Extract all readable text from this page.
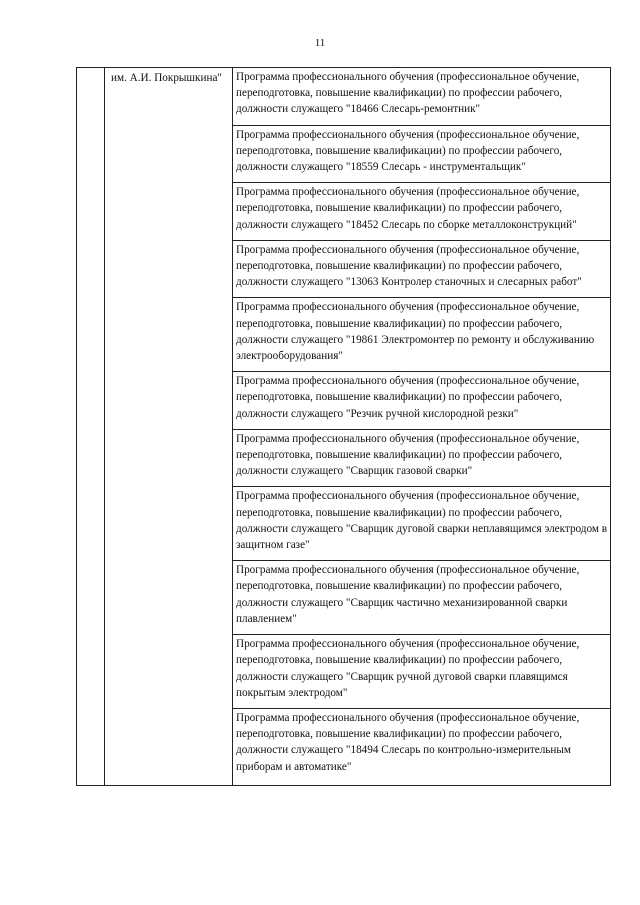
11

им. А.И. Покрышкина"	Программа профессионального обучения (профессиональное обучение, переподготовка, повышение квалификации) по профессии рабочего, должности служащего "18466 Слесарь-ремонтник"
Программа профессионального обучения (профессиональное обучение, переподготовка, повышение квалификации) по профессии рабочего, должности служащего "18559 Слесарь - инструментальщик"
Программа профессионального обучения (профессиональное обучение, переподготовка, повышение квалификации) по профессии рабочего, должности служащего "18452 Слесарь по сборке металлоконструкций"
Программа профессионального обучения (профессиональное обучение, переподготовка, повышение квалификации) по профессии рабочего, должности служащего "13063 Контролер станочных и слесарных работ"
Программа профессионального обучения (профессиональное обучение, переподготовка, повышение квалификации) по профессии рабочего, должности служащего "19861 Электромонтер по ремонту и обслуживанию электрооборудования"
Программа профессионального обучения (профессиональное обучение, переподготовка, повышение квалификации) по профессии рабочего, должности служащего "Резчик ручной кислородной резки"
Программа профессионального обучения (профессиональное обучение, переподготовка, повышение квалификации) по профессии рабочего, должности служащего "Сварщик газовой сварки"
Программа профессионального обучения (профессиональное обучение, переподготовка, повышение квалификации) по профессии рабочего, должности служащего "Сварщик дуговой сварки неплавящимся электродом в защитном газе"
Программа профессионального обучения (профессиональное обучение, переподготовка, повышение квалификации) по профессии рабочего, должности служащего "Сварщик частично механизированной сварки плавлением"
Программа профессионального обучения (профессиональное обучение, переподготовка, повышение квалификации) по профессии рабочего, должности служащего "Сварщик ручной дуговой сварки плавящимся покрытым электродом"
Программа профессионального обучения (профессиональное обучение, переподготовка, повышение квалификации) по профессии рабочего, должности служащего "18494 Слесарь по контрольно-измерительным приборам и автоматике"
